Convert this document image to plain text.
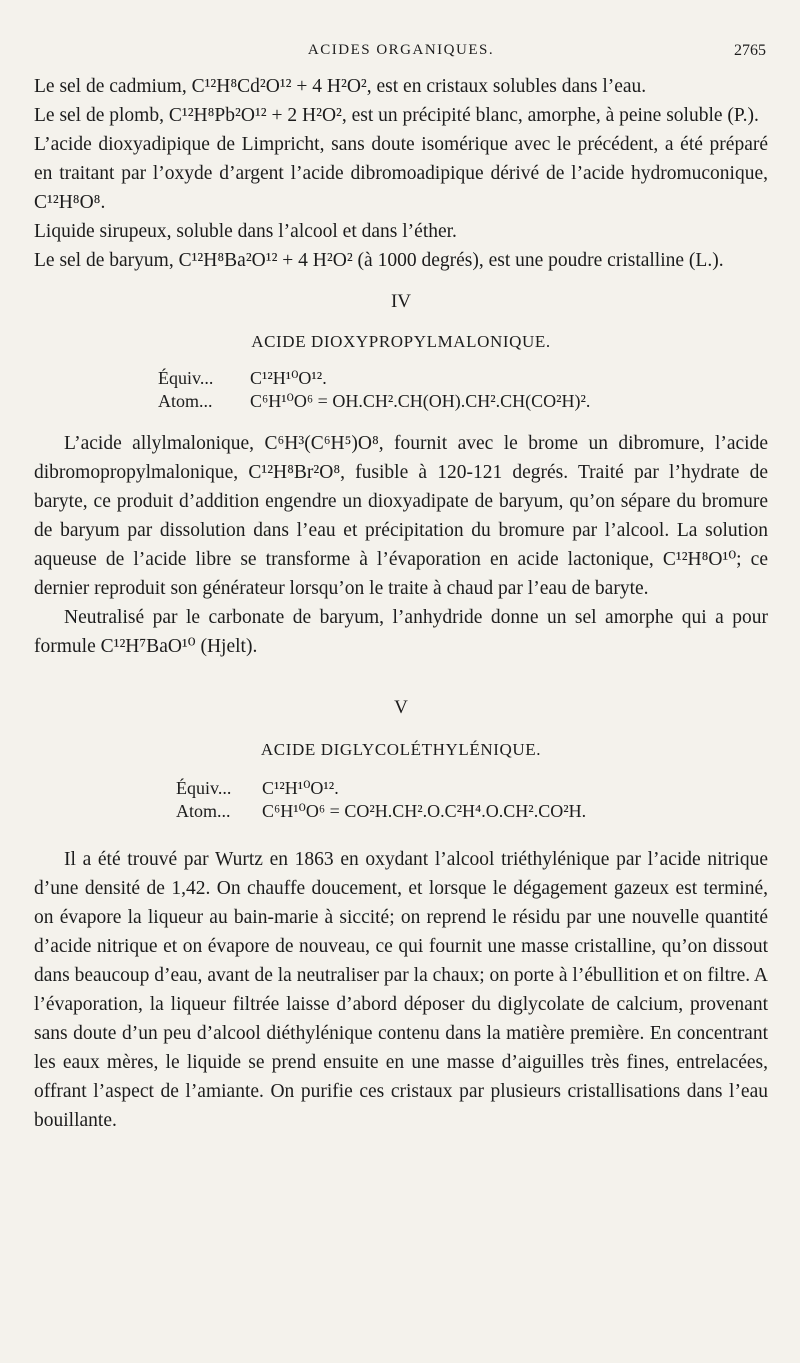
ACIDES ORGANIQUES.	2765

Le sel de cadmium, C¹²H⁸Cd²O¹² + 4 H²O², est en cristaux solubles dans l’eau.

Le sel de plomb, C¹²H⁸Pb²O¹² + 2 H²O², est un précipité blanc, amorphe, à peine soluble (P.).

L’acide dioxyadipique de Limpricht, sans doute isomérique avec le précédent, a été préparé en traitant par l’oxyde d’argent l’acide dibromoadipique dérivé de l’acide hydromuconique, C¹²H⁸O⁸.

Liquide sirupeux, soluble dans l’alcool et dans l’éther.

Le sel de baryum, C¹²H⁸Ba²O¹² + 4 H²O² (à 1000 degrés), est une poudre cristalline (L.).

IV
ACIDE DIOXYPROPYLMALONIQUE.
Équiv... C¹²H¹⁰O¹².
Atom... C⁶H¹⁰O⁶ = OH.CH².CH(OH).CH².CH(CO²H)².

L’acide allylmalonique, C⁶H³(C⁶H⁵)O⁸, fournit avec le brome un dibromure, l’acide dibromopropylmalonique, C¹²H⁸Br²O⁸, fusible à 120-121 degrés. Traité par l’hydrate de baryte, ce produit d’addition engendre un dioxyadipate de baryum, qu’on sépare du bromure de baryum par dissolution dans l’eau et précipitation du bromure par l’alcool. La solution aqueuse de l’acide libre se transforme à l’évaporation en acide lactonique, C¹²H⁸O¹⁰; ce dernier reproduit son générateur lorsqu’on le traite à chaud par l’eau de baryte.

Neutralisé par le carbonate de baryum, l’anhydride donne un sel amorphe qui a pour formule C¹²H⁷BaO¹⁰ (Hjelt).

V
ACIDE DIGLYCOLÉTHYLÉNIQUE.
Équiv... C¹²H¹⁰O¹².
Atom... C⁶H¹⁰O⁶ = CO²H.CH².O.C²H⁴.O.CH².CO²H.

Il a été trouvé par Wurtz en 1863 en oxydant l’alcool triéthylénique par l’acide nitrique d’une densité de 1,42. On chauffe doucement, et lorsque le dégagement gazeux est terminé, on évapore la liqueur au bain-marie à siccité; on reprend le résidu par une nouvelle quantité d’acide nitrique et on évapore de nouveau, ce qui fournit une masse cristalline, qu’on dissout dans beaucoup d’eau, avant de la neutraliser par la chaux; on porte à l’ébullition et on filtre. A l’évaporation, la liqueur filtrée laisse d’abord déposer du diglycolate de calcium, provenant sans doute d’un peu d’alcool diéthylénique contenu dans la matière première. En concentrant les eaux mères, le liquide se prend ensuite en une masse d’aiguilles très fines, entrelacées, offrant l’aspect de l’amiante. On purifie ces cristaux par plusieurs cristallisations dans l’eau bouillante.
